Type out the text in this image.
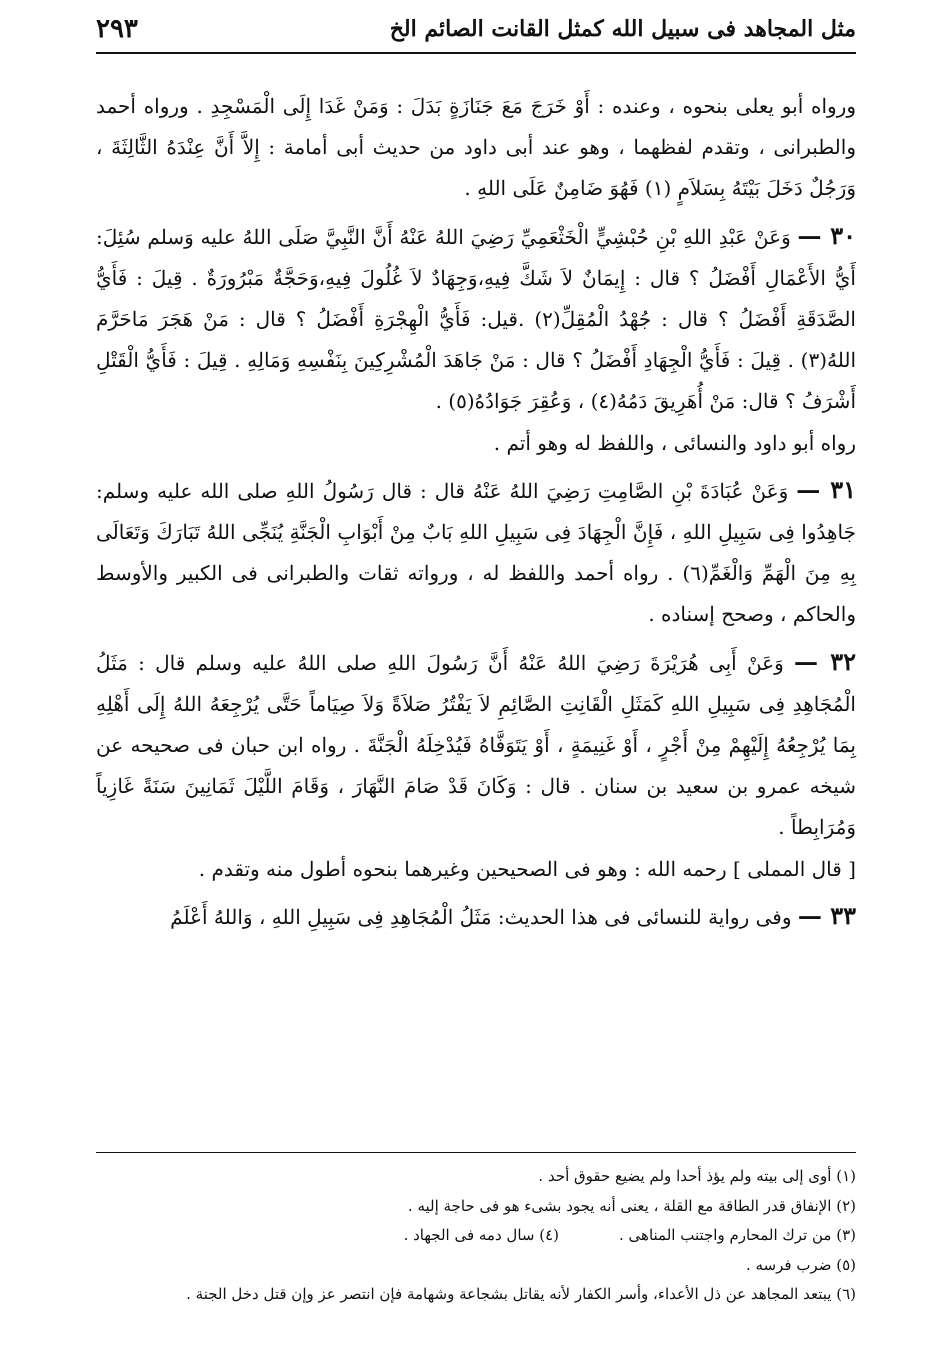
مثل المجاهد فى سبيل الله كمثل القانت الصائم الخ
٢٩٣

ورواه أبو يعلى بنحوه ، وعنده : أَوْ خَرَجَ مَعَ جَنَازَةٍ بَدَلَ : وَمَنْ غَدَا إِلَى الْمَسْجِدِ . ورواه أحمد والطبرانى ، وتقدم لفظهما ، وهو عند أبى داود من حديث أبى أمامة : إِلاَّ أَنَّ عِنْدَهُ الثَّالِثَةَ ، وَرَجُلٌ دَخَلَ بَيْتَهُ بِسَلاَمٍ (١) فَهُوَ ضَامِنٌ عَلَى اللهِ .

٣٠ — وَعَنْ عَبْدِ اللهِ بْنِ حُبْشِيٍّ الْخَثْعَمِيِّ رَضِيَ اللهُ عَنْهُ أَنَّ النَّبِيَّ صَلَى اللهُ عليه وَسلم سُئِلَ: أَيُّ الأَعْمَالِ أَفْضَلُ ؟ قال : إِيمَانٌ لاَ شَكَّ فِيهِ،وَجِهَادٌ لاَ غُلُولَ فِيهِ،وَحَجَّةٌ مَبْرُورَةٌ . قِيلَ : فَأَيُّ الصَّدَقَةِ أَفْضَلُ ؟ قال : جُهْدُ الْمُقِلِّ(٢) .قيل: فَأَيُّ الْهِجْرَةِ أَفْضَلُ ؟ قال : مَنْ هَجَرَ مَاحَرَّمَ اللهُ(٣) . قِيلَ : فَأَيُّ الْجِهَادِ أَفْضَلُ ؟ قال : مَنْ جَاهَدَ الْمُشْرِكِينَ بِنَفْسِهِ وَمَالِهِ . قِيلَ : فَأَيُّ الْقَتْلِ أَشْرَفُ ؟ قال: مَنْ أُهَرِيقَ دَمُهُ(٤) ، وَعُقِرَ جَوَادُهُ(٥) .

رواه أبو داود والنسائى ، واللفظ له وهو أتم .

٣١ — وَعَنْ عُبَادَةَ بْنِ الصَّامِتِ رَضِيَ اللهُ عَنْهُ قال : قال رَسُولُ اللهِ صلى الله عليه وسلم: جَاهِدُوا فِى سَبِيلِ اللهِ ، فَإِنَّ الْجِهَادَ فِى سَبِيلِ اللهِ بَابٌ مِنْ أَبْوَابِ الْجَنَّةِ يُنَجِّى اللهُ تَبَارَكَ وَتَعَالَى بِهِ مِنَ الْهَمِّ وَالْغَمِّ(٦) . رواه أحمد واللفظ له ، ورواته ثقات والطبرانى فى الكبير والأوسط والحاكم ، وصحح إسناده .

٣٢ — وَعَنْ أَبِى هُرَيْرَةَ رَضِيَ اللهُ عَنْهُ أَنَّ رَسُولَ اللهِ صلى اللهُ عليه وسلم قال : مَثَلُ الْمُجَاهِدِ فِى سَبِيلِ اللهِ كَمَثَلِ الْقَانِتِ الصَّائِمِ لاَ يَفْتُرُ صَلاَةً وَلاَ صِيَاماً حَتَّى يُرْجِعَهُ اللهُ إِلَى أَهْلِهِ بِمَا يُرْجِعُهُ إِلَيْهِمْ مِنْ أَجْرٍ ، أَوْ غَنِيمَةٍ ، أَوْ يَتَوَفَّاهُ فَيُدْخِلَهُ الْجَنَّةَ . رواه ابن حبان فى صحيحه عن شيخه عمرو بن سعيد بن سنان . قال : وَكَانَ قَدْ صَامَ النَّهَارَ ، وَقَامَ اللَّيْلَ ثَمَانِينَ سَنَةً غَازِياً وَمُرَابِطاً .

[ قال المملى ] رحمه الله : وهو فى الصحيحين وغيرهما بنحوه أطول منه وتقدم .

٣٣ — وفى رواية للنسائى فى هذا الحديث: مَثَلُ الْمُجَاهِدِ فِى سَبِيلِ اللهِ ، وَاللهُ أَعْلَمُ

(١) أوى إلى بيته ولم يؤذ أحدا ولم يضيع حقوق أحد .
(٢) الإنفاق قدر الطاقة مع القلة ، يعنى أنه يجود بشىء هو فى حاجة إليه .
(٣) من ترك المحارم واجتنب المناهى .
(٤) سال دمه فى الجهاد .
(٥) ضرب فرسه .
(٦) يبتعد المجاهد عن ذل الأعداء، وأسر الكفار لأنه يقاتل بشجاعة وشهامة فإن انتصر عز وإن قتل دخل الجنة .
